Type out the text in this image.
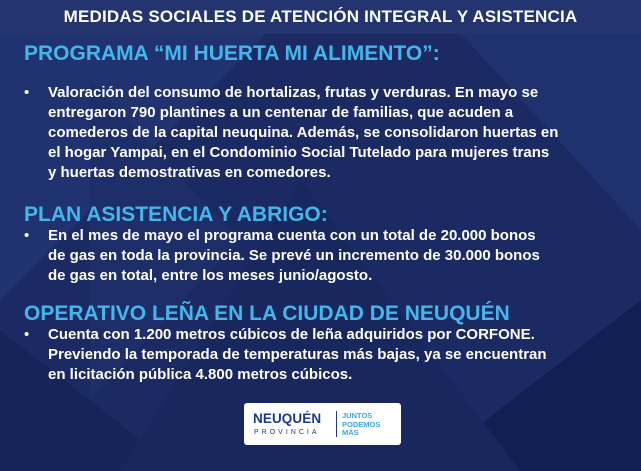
MEDIDAS SOCIALES DE ATENCIÓN INTEGRAL Y ASISTENCIA
PROGRAMA “MI HUERTA MI ALIMENTO”:
• Valoración del consumo de hortalizas, frutas y verduras. En mayo se
entregaron 790 plantines a un centenar de familias, que acuden a
comederos de la capital neuquina. Además, se consolidaron huertas en
el hogar Yampai, en el Condominio Social Tutelado para mujeres trans
y huertas demostrativas en comedores.
PLAN ASISTENCIA Y ABRIGO:
• En el mes de mayo el programa cuenta con un total de 20.000 bonos
de gas en toda la provincia. Se prevé un incremento de 30.000 bonos
de gas en total, entre los meses junio/agosto.
OPERATIVO LEÑA EN LA CIUDAD DE NEUQUÉN
• Cuenta con 1.200 metros cúbicos de leña adquiridos por CORFONE.
Previendo la temporada de temperaturas más bajas, ya se encuentran
en licitación pública 4.800 metros cúbicos.
NEUQUÉN
PROVINCIA
JUNTOS
PODEMOS
MÁS
